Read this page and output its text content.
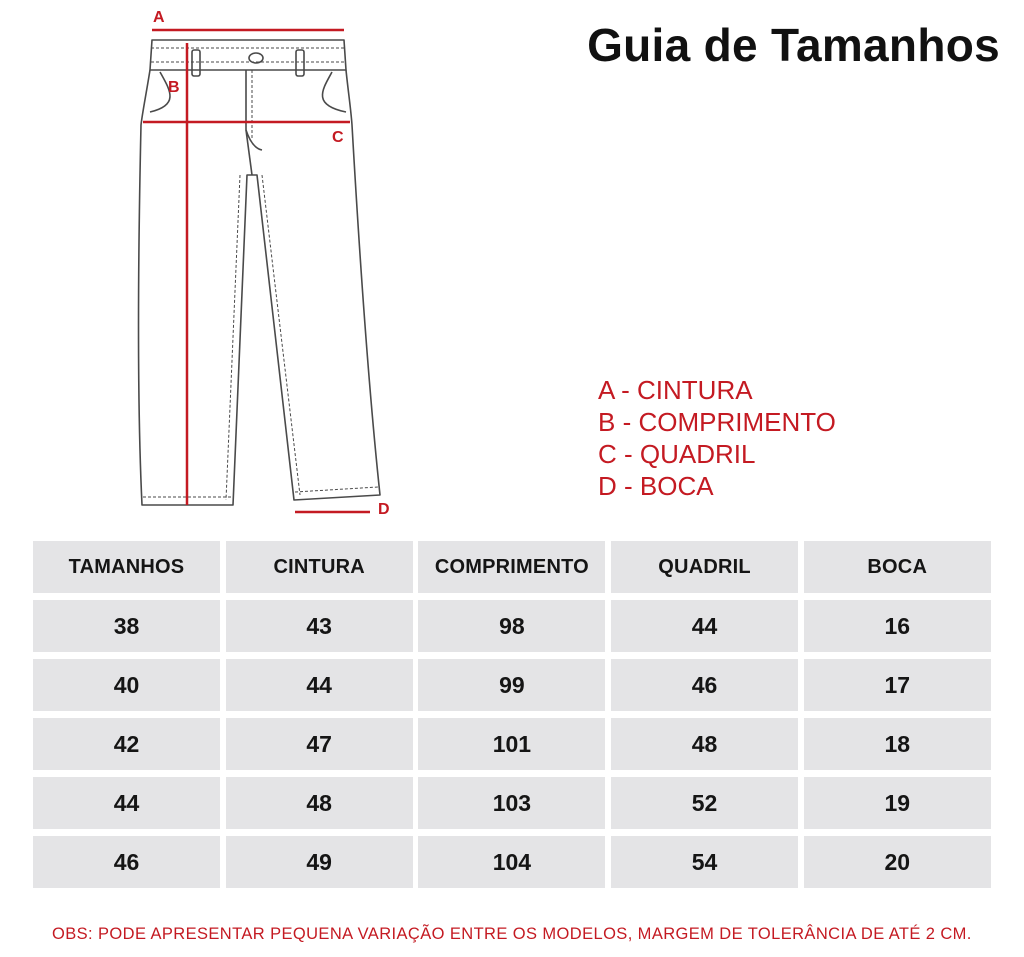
Guia de Tamanhos
A
B
C
D
A - CINTURA
B - COMPRIMENTO
C - QUADRIL
D - BOCA
TAMANHOS	CINTURA	COMPRIMENTO	QUADRIL	BOCA
38	43	98	44	16
40	44	99	46	17
42	47	101	48	18
44	48	103	52	19
46	49	104	54	20
OBS: PODE APRESENTAR PEQUENA VARIAÇÃO ENTRE OS MODELOS, MARGEM DE TOLERÂNCIA DE ATÉ 2 CM.
